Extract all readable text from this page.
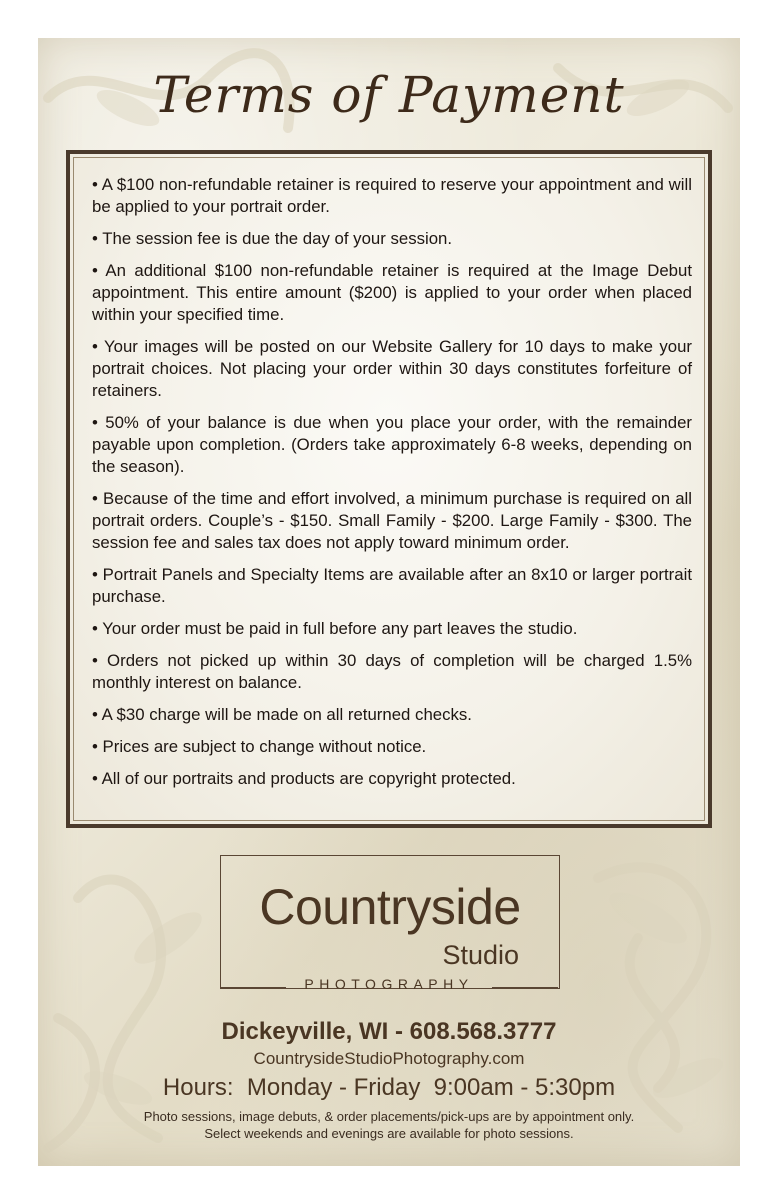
Terms of Payment
• A $100 non-refundable retainer is required to reserve your appointment and will be applied to your portrait order.
• The session fee is due the day of your session.
• An additional $100 non-refundable retainer is required at the Image Debut appointment. This entire amount ($200) is applied to your order when placed within your specified time.
• Your images will be posted on our Website Gallery for 10 days to make your portrait choices. Not placing your order within 30 days constitutes forfeiture of retainers.
• 50% of your balance is due when you place your order, with the remainder payable upon completion. (Orders take approximately 6-8 weeks, depending on the season).
• Because of the time and effort involved, a minimum purchase is required on all portrait orders. Couple’s - $150. Small Family - $200. Large Family - $300. The session fee and sales tax does not apply toward minimum order.
• Portrait Panels and Specialty Items are available after an 8x10 or larger portrait purchase.
• Your order must be paid in full before any part leaves the studio.
• Orders not picked up within 30 days of completion will be charged 1.5% monthly interest on balance.
• A $30 charge will be made on all returned checks.
• Prices are subject to change without notice.
• All of our portraits and products are copyright protected.
Countryside
Studio
PHOTOGRAPHY
Dickeyville, WI - 608.568.3777
CountrysideStudioPhotography.com
Hours:  Monday - Friday  9:00am - 5:30pm
Photo sessions, image debuts, & order placements/pick-ups are by appointment only.
Select weekends and evenings are available for photo sessions.
